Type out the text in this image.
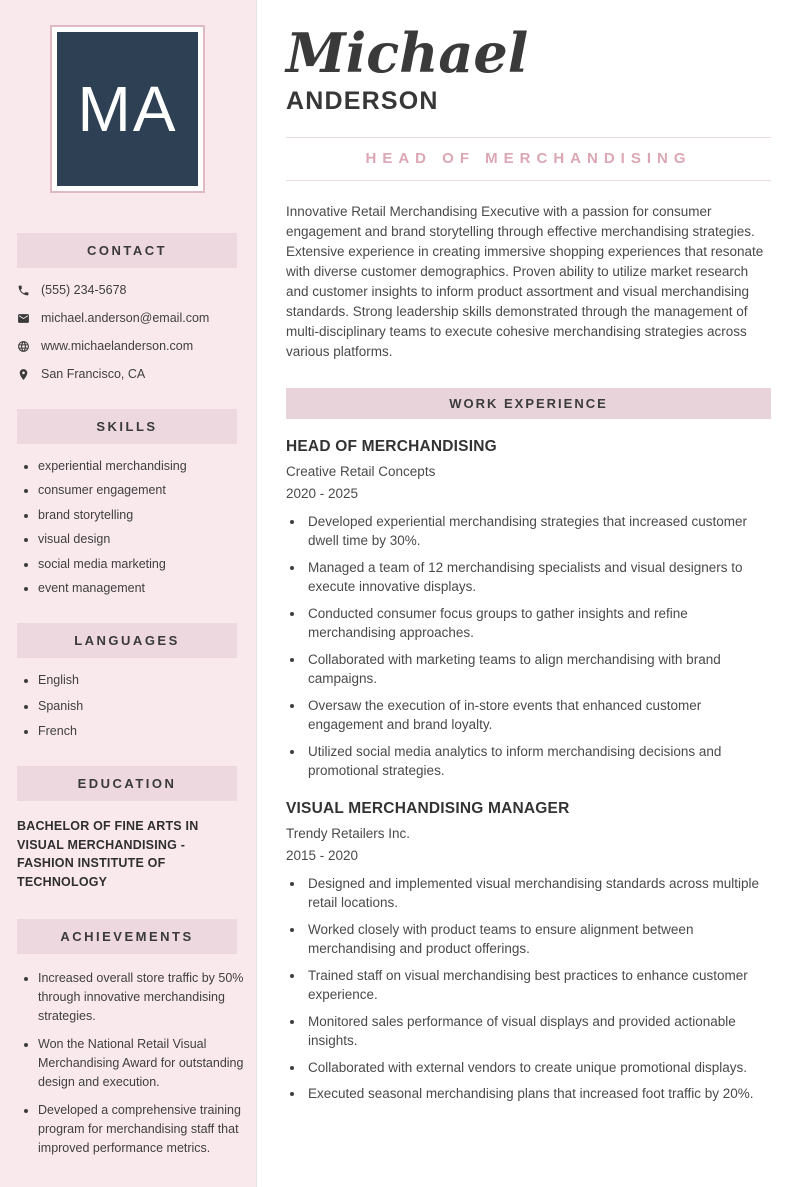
MA
CONTACT
(555) 234-5678
michael.anderson@email.com
www.michaelanderson.com
San Francisco, CA
SKILLS
• experiential merchandising
• consumer engagement
• brand storytelling
• visual design
• social media marketing
• event management
LANGUAGES
• English
• Spanish
• French
EDUCATION

BACHELOR OF FINE ARTS IN VISUAL MERCHANDISING - FASHION INSTITUTE OF TECHNOLOGY

ACHIEVEMENTS
• Increased overall store traffic by 50% through innovative merchandising strategies.
• Won the National Retail Visual Merchandising Award for outstanding design and execution.
• Developed a comprehensive training program for merchandising staff that improved performance metrics.
Michael
ANDERSON
HEAD OF MERCHANDISING

Innovative Retail Merchandising Executive with a passion for consumer engagement and brand storytelling through effective merchandising strategies. Extensive experience in creating immersive shopping experiences that resonate with diverse customer demographics. Proven ability to utilize market research and customer insights to inform product assortment and visual merchandising standards. Strong leadership skills demonstrated through the management of multi-disciplinary teams to execute cohesive merchandising strategies across various platforms.

WORK EXPERIENCE
HEAD OF MERCHANDISING
Creative Retail Concepts
2020 - 2025
• Developed experiential merchandising strategies that increased customer dwell time by 30%.
• Managed a team of 12 merchandising specialists and visual designers to execute innovative displays.
• Conducted consumer focus groups to gather insights and refine merchandising approaches.
• Collaborated with marketing teams to align merchandising with brand campaigns.
• Oversaw the execution of in-store events that enhanced customer engagement and brand loyalty.
• Utilized social media analytics to inform merchandising decisions and promotional strategies.
VISUAL MERCHANDISING MANAGER
Trendy Retailers Inc.
2015 - 2020
• Designed and implemented visual merchandising standards across multiple retail locations.
• Worked closely with product teams to ensure alignment between merchandising and product offerings.
• Trained staff on visual merchandising best practices to enhance customer experience.
• Monitored sales performance of visual displays and provided actionable insights.
• Collaborated with external vendors to create unique promotional displays.
• Executed seasonal merchandising plans that increased foot traffic by 20%.
